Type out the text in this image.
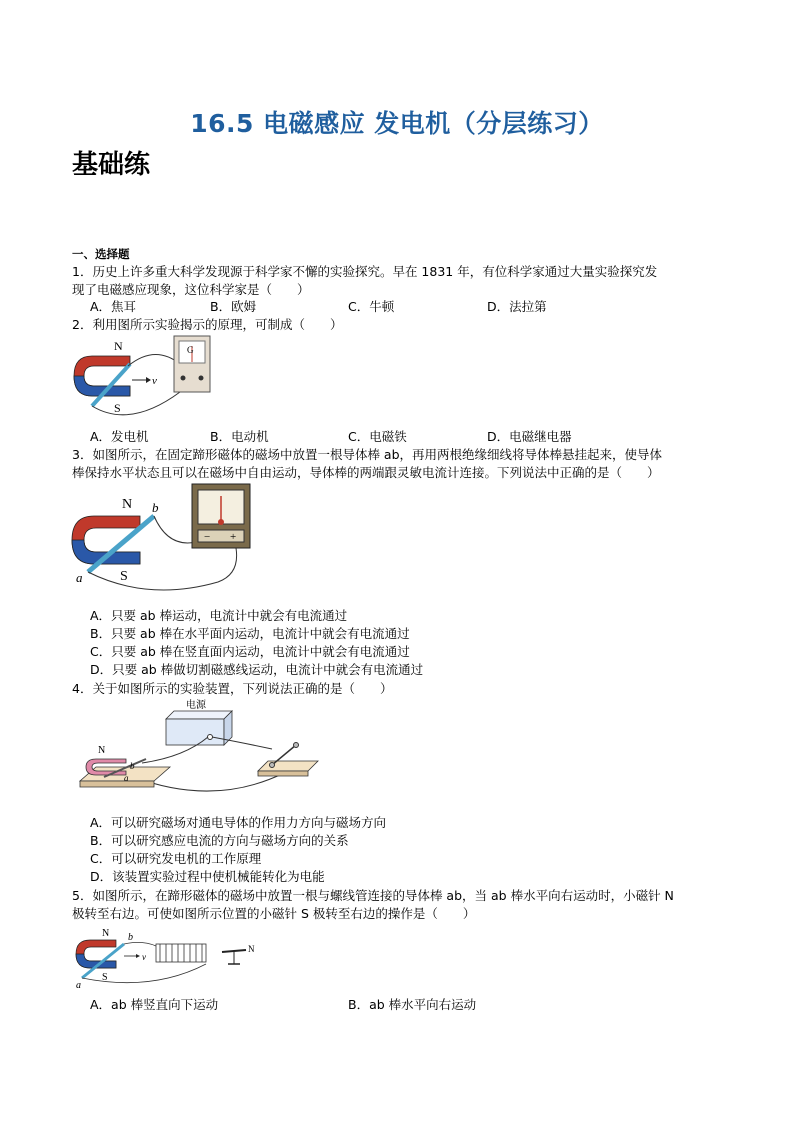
16.5 电磁感应 发电机（分层练习）
基础练
一、选择题
1．历史上许多重大科学发现源于科学家不懈的实验探究。早在 1831 年，有位科学家通过大量实验探究发
现了电磁感应现象，这位科学家是（　　）
A．焦耳	B．欧姆	C．牛顿	D．法拉第
2．利用图所示实验揭示的原理，可制成（　　）
N
S
v
G
A．发电机	B．电动机	C．电磁铁	D．电磁继电器
3．如图所示，在固定蹄形磁体的磁场中放置一根导体棒 ab，再用两根绝缘细线将导体棒悬挂起来，使导体
棒保持水平状态且可以在磁场中自由运动，导体棒的两端跟灵敏电流计连接。下列说法中正确的是（　　）
N
S
a
b
− +
A．只要 ab 棒运动，电流计中就会有电流通过
B．只要 ab 棒在水平面内运动，电流计中就会有电流通过
C．只要 ab 棒在竖直面内运动，电流计中就会有电流通过
D．只要 ab 棒做切割磁感线运动，电流计中就会有电流通过
4．关于如图所示的实验装置，下列说法正确的是（　　）
电源
N
b
a
A．可以研究磁场对通电导体的作用力方向与磁场方向
B．可以研究感应电流的方向与磁场方向的关系
C．可以研究发电机的工作原理
D．该装置实验过程中使机械能转化为电能
5．如图所示，在蹄形磁体的磁场中放置一根与螺线管连接的导体棒 ab，当 ab 棒水平向右运动时，小磁针 N
极转至右边。可使如图所示位置的小磁针 S 极转至右边的操作是（　　）
N
S
a
b
v
N
A．ab 棒竖直向下运动	B．ab 棒水平向右运动
